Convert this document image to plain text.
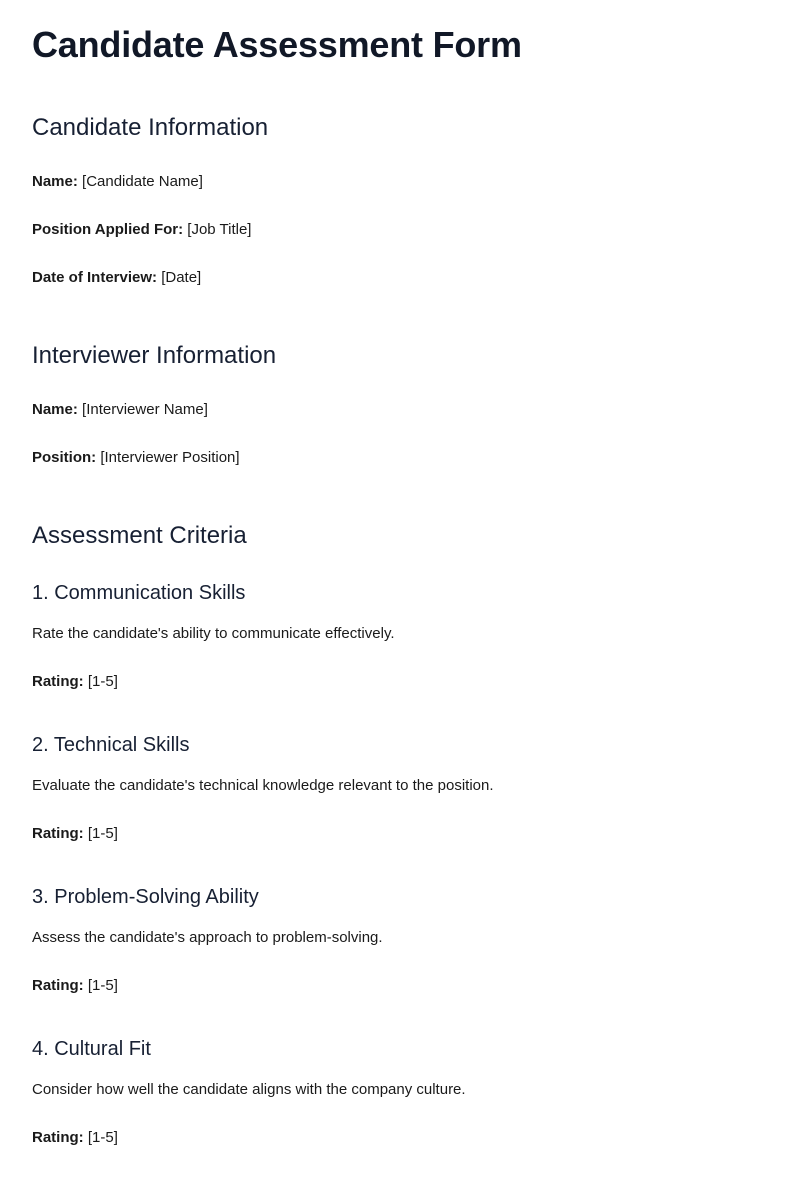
Candidate Assessment Form
Candidate Information

Name: [Candidate Name]

Position Applied For: [Job Title]

Date of Interview: [Date]

Interviewer Information

Name: [Interviewer Name]

Position: [Interviewer Position]

Assessment Criteria
1. Communication Skills

Rate the candidate's ability to communicate effectively.

Rating: [1-5]

2. Technical Skills

Evaluate the candidate's technical knowledge relevant to the position.

Rating: [1-5]

3. Problem-Solving Ability

Assess the candidate's approach to problem-solving.

Rating: [1-5]

4. Cultural Fit

Consider how well the candidate aligns with the company culture.

Rating: [1-5]
